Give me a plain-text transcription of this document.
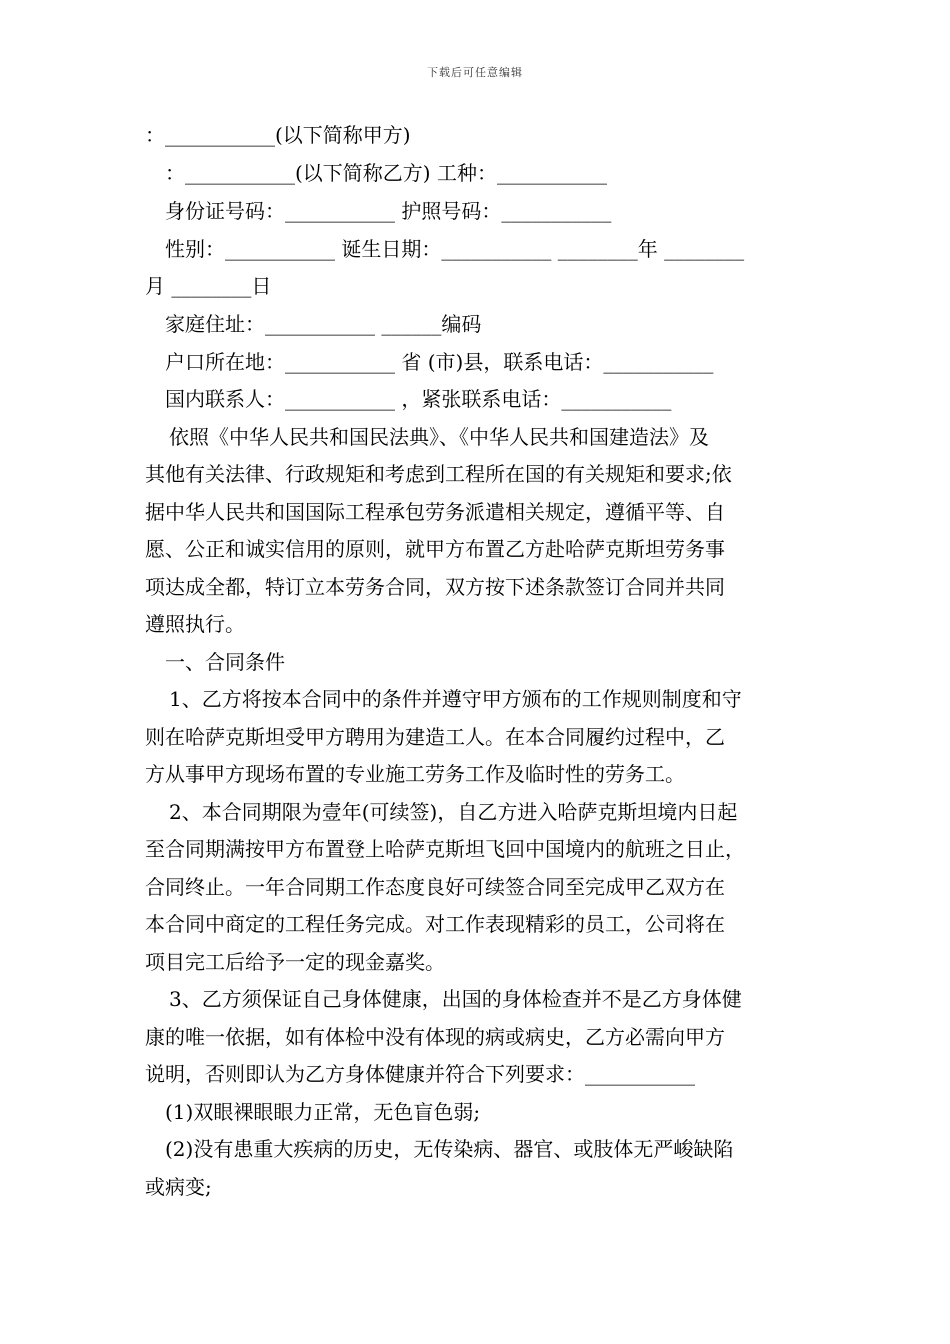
下载后可任意编辑
：___________(以下简称甲方)
：___________(以下简称乙方) 工种：___________
身份证号码：___________ 护照号码：___________
性别：___________ 诞生日期：___________ ________年 ________
月 ________日
家庭住址：___________ ______编码
户口所在地：___________ 省 (市)县，联系电话：___________
国内联系人：___________ ，紧张联系电话：___________
依照《中华人民共和国民法典》、《中华人民共和国建造法》及
其他有关法律、行政规矩和考虑到工程所在国的有关规矩和要求;依
据中华人民共和国国际工程承包劳务派遣相关规定，遵循平等、自
愿、公正和诚实信用的原则，就甲方布置乙方赴哈萨克斯坦劳务事
项达成全都，特订立本劳务合同，双方按下述条款签订合同并共同
遵照执行。
一、合同条件
1、乙方将按本合同中的条件并遵守甲方颁布的工作规则制度和守
则在哈萨克斯坦受甲方聘用为建造工人。在本合同履约过程中，乙
方从事甲方现场布置的专业施工劳务工作及临时性的劳务工。
2、本合同期限为壹年(可续签)，自乙方进入哈萨克斯坦境内日起
至合同期满按甲方布置登上哈萨克斯坦飞回中国境内的航班之日止，
合同终止。一年合同期工作态度良好可续签合同至完成甲乙双方在
本合同中商定的工程任务完成。对工作表现精彩的员工，公司将在
项目完工后给予一定的现金嘉奖。
3、乙方须保证自己身体健康，出国的身体检查并不是乙方身体健
康的唯一依据，如有体检中没有体现的病或病史，乙方必需向甲方
说明，否则即认为乙方身体健康并符合下列要求：___________
(1)双眼裸眼眼力正常，无色盲色弱;
(2)没有患重大疾病的历史，无传染病、器官、或肢体无严峻缺陷
或病变;
